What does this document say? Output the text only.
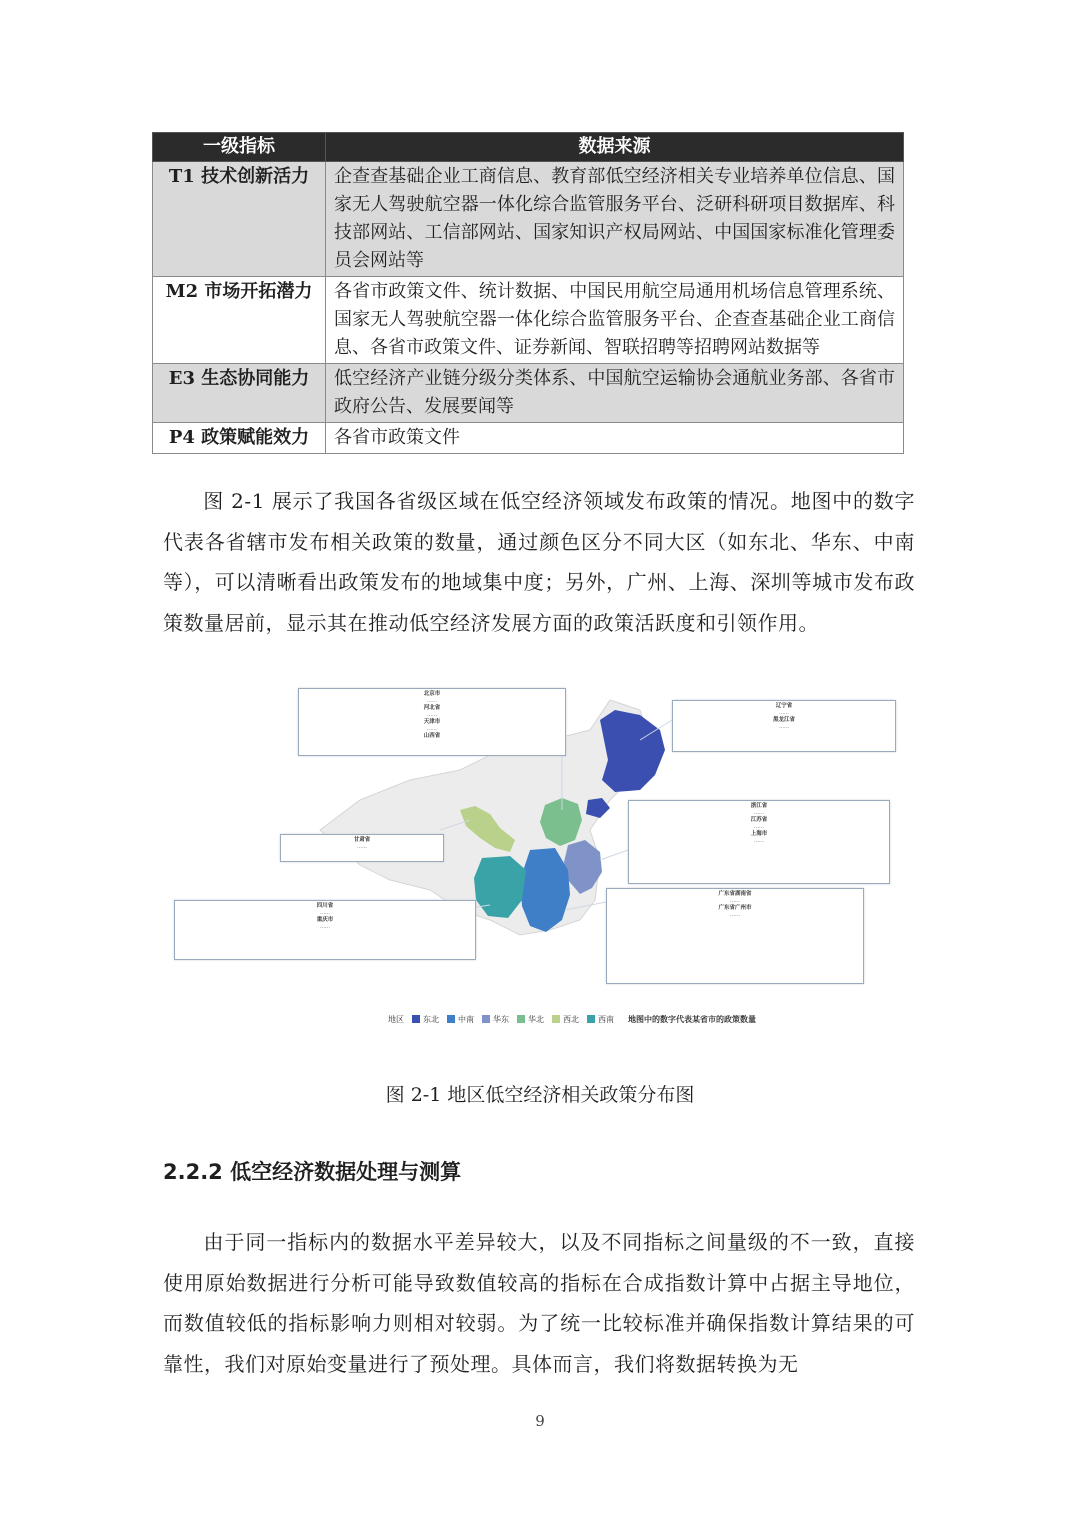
一级指标	数据来源
T1 技术创新活力	企查查基础企业工商信息、教育部低空经济相关专业培养单位信息、国家无人驾驶航空器一体化综合监管服务平台、泛研科研项目数据库、科技部网站、工信部网站、国家知识产权局网站、中国国家标准化管理委员会网站等
M2 市场开拓潜力	各省市政策文件、统计数据、中国民用航空局通用机场信息管理系统、国家无人驾驶航空器一体化综合监管服务平台、企查查基础企业工商信息、各省市政策文件、证券新闻、智联招聘等招聘网站数据等
E3 生态协同能力	低空经济产业链分级分类体系、中国航空运输协会通航业务部、各省市政府公告、发展要闻等
P4 政策赋能效力	各省市政策文件
图 2-1 展示了我国各省级区域在低空经济领域发布政策的情况。地图中的数字代表各省辖市发布相关政策的数量，通过颜色区分不同大区（如东北、华东、中南等），可以清晰看出政策发布的地域集中度；另外，广州、上海、深圳等城市发布政策数量居前，显示其在推动低空经济发展方面的政策活跃度和引领作用。
北京市
……
河北省
……
天津市
……
山西省
辽宁省
……
黑龙江省
……
浙江省
……
江苏省
……
上海市
……
甘肃省
……
四川省
……
重庆市
……
广东省湖南省
……
广东省广州市
……
地区 东北 中南 华东 华北 西北 西南 地图中的数字代表某省市的政策数量
图 2-1 地区低空经济相关政策分布图
2.2.2 低空经济数据处理与测算
由于同一指标内的数据水平差异较大，以及不同指标之间量级的不一致，直接使用原始数据进行分析可能导致数值较高的指标在合成指数计算中占据主导地位，而数值较低的指标影响力则相对较弱。为了统一比较标准并确保指数计算结果的可靠性，我们对原始变量进行了预处理。具体而言，我们将数据转换为无
9
